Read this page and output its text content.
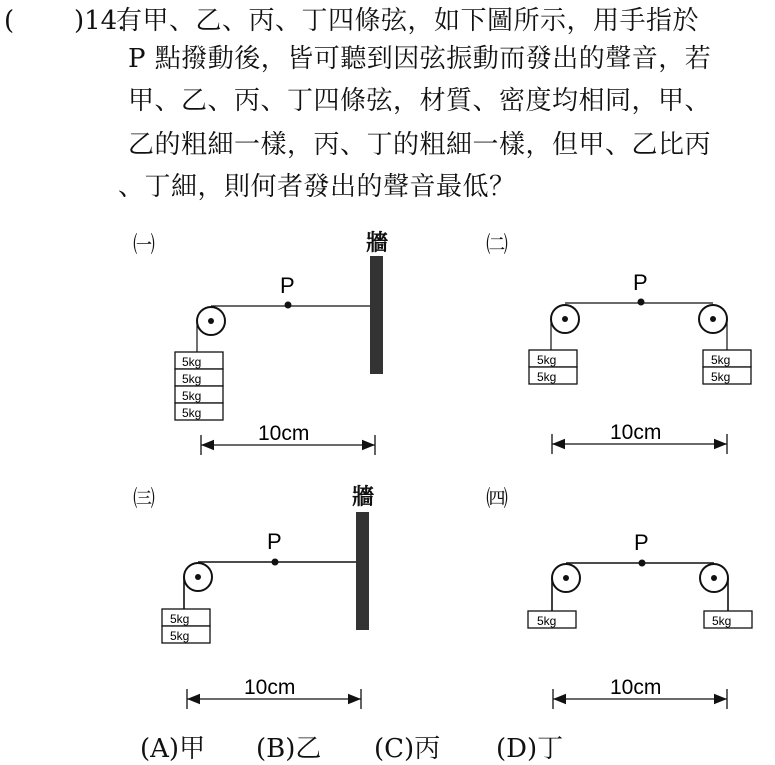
( )14.
有甲、乙、丙、丁四條弦，如下圖所示，用手指於
P 點撥動後，皆可聽到因弦振動而發出的聲音，若
甲、乙、丙、丁四條弦，材質、密度均相同，甲、
乙的粗細一樣，丙、丁的粗細一樣，但甲、乙比丙
、丁細，則何者發出的聲音最低？
㈠	㈡
㈢	㈣
牆
牆
P
5kg
5kg
5kg
5kg
10cm
P
5kg
5kg
5kg
5kg
10cm
P
5kg
5kg
10cm
P
5kg	5kg
10cm
(A)甲 (B)乙 (C)丙 (D)丁
